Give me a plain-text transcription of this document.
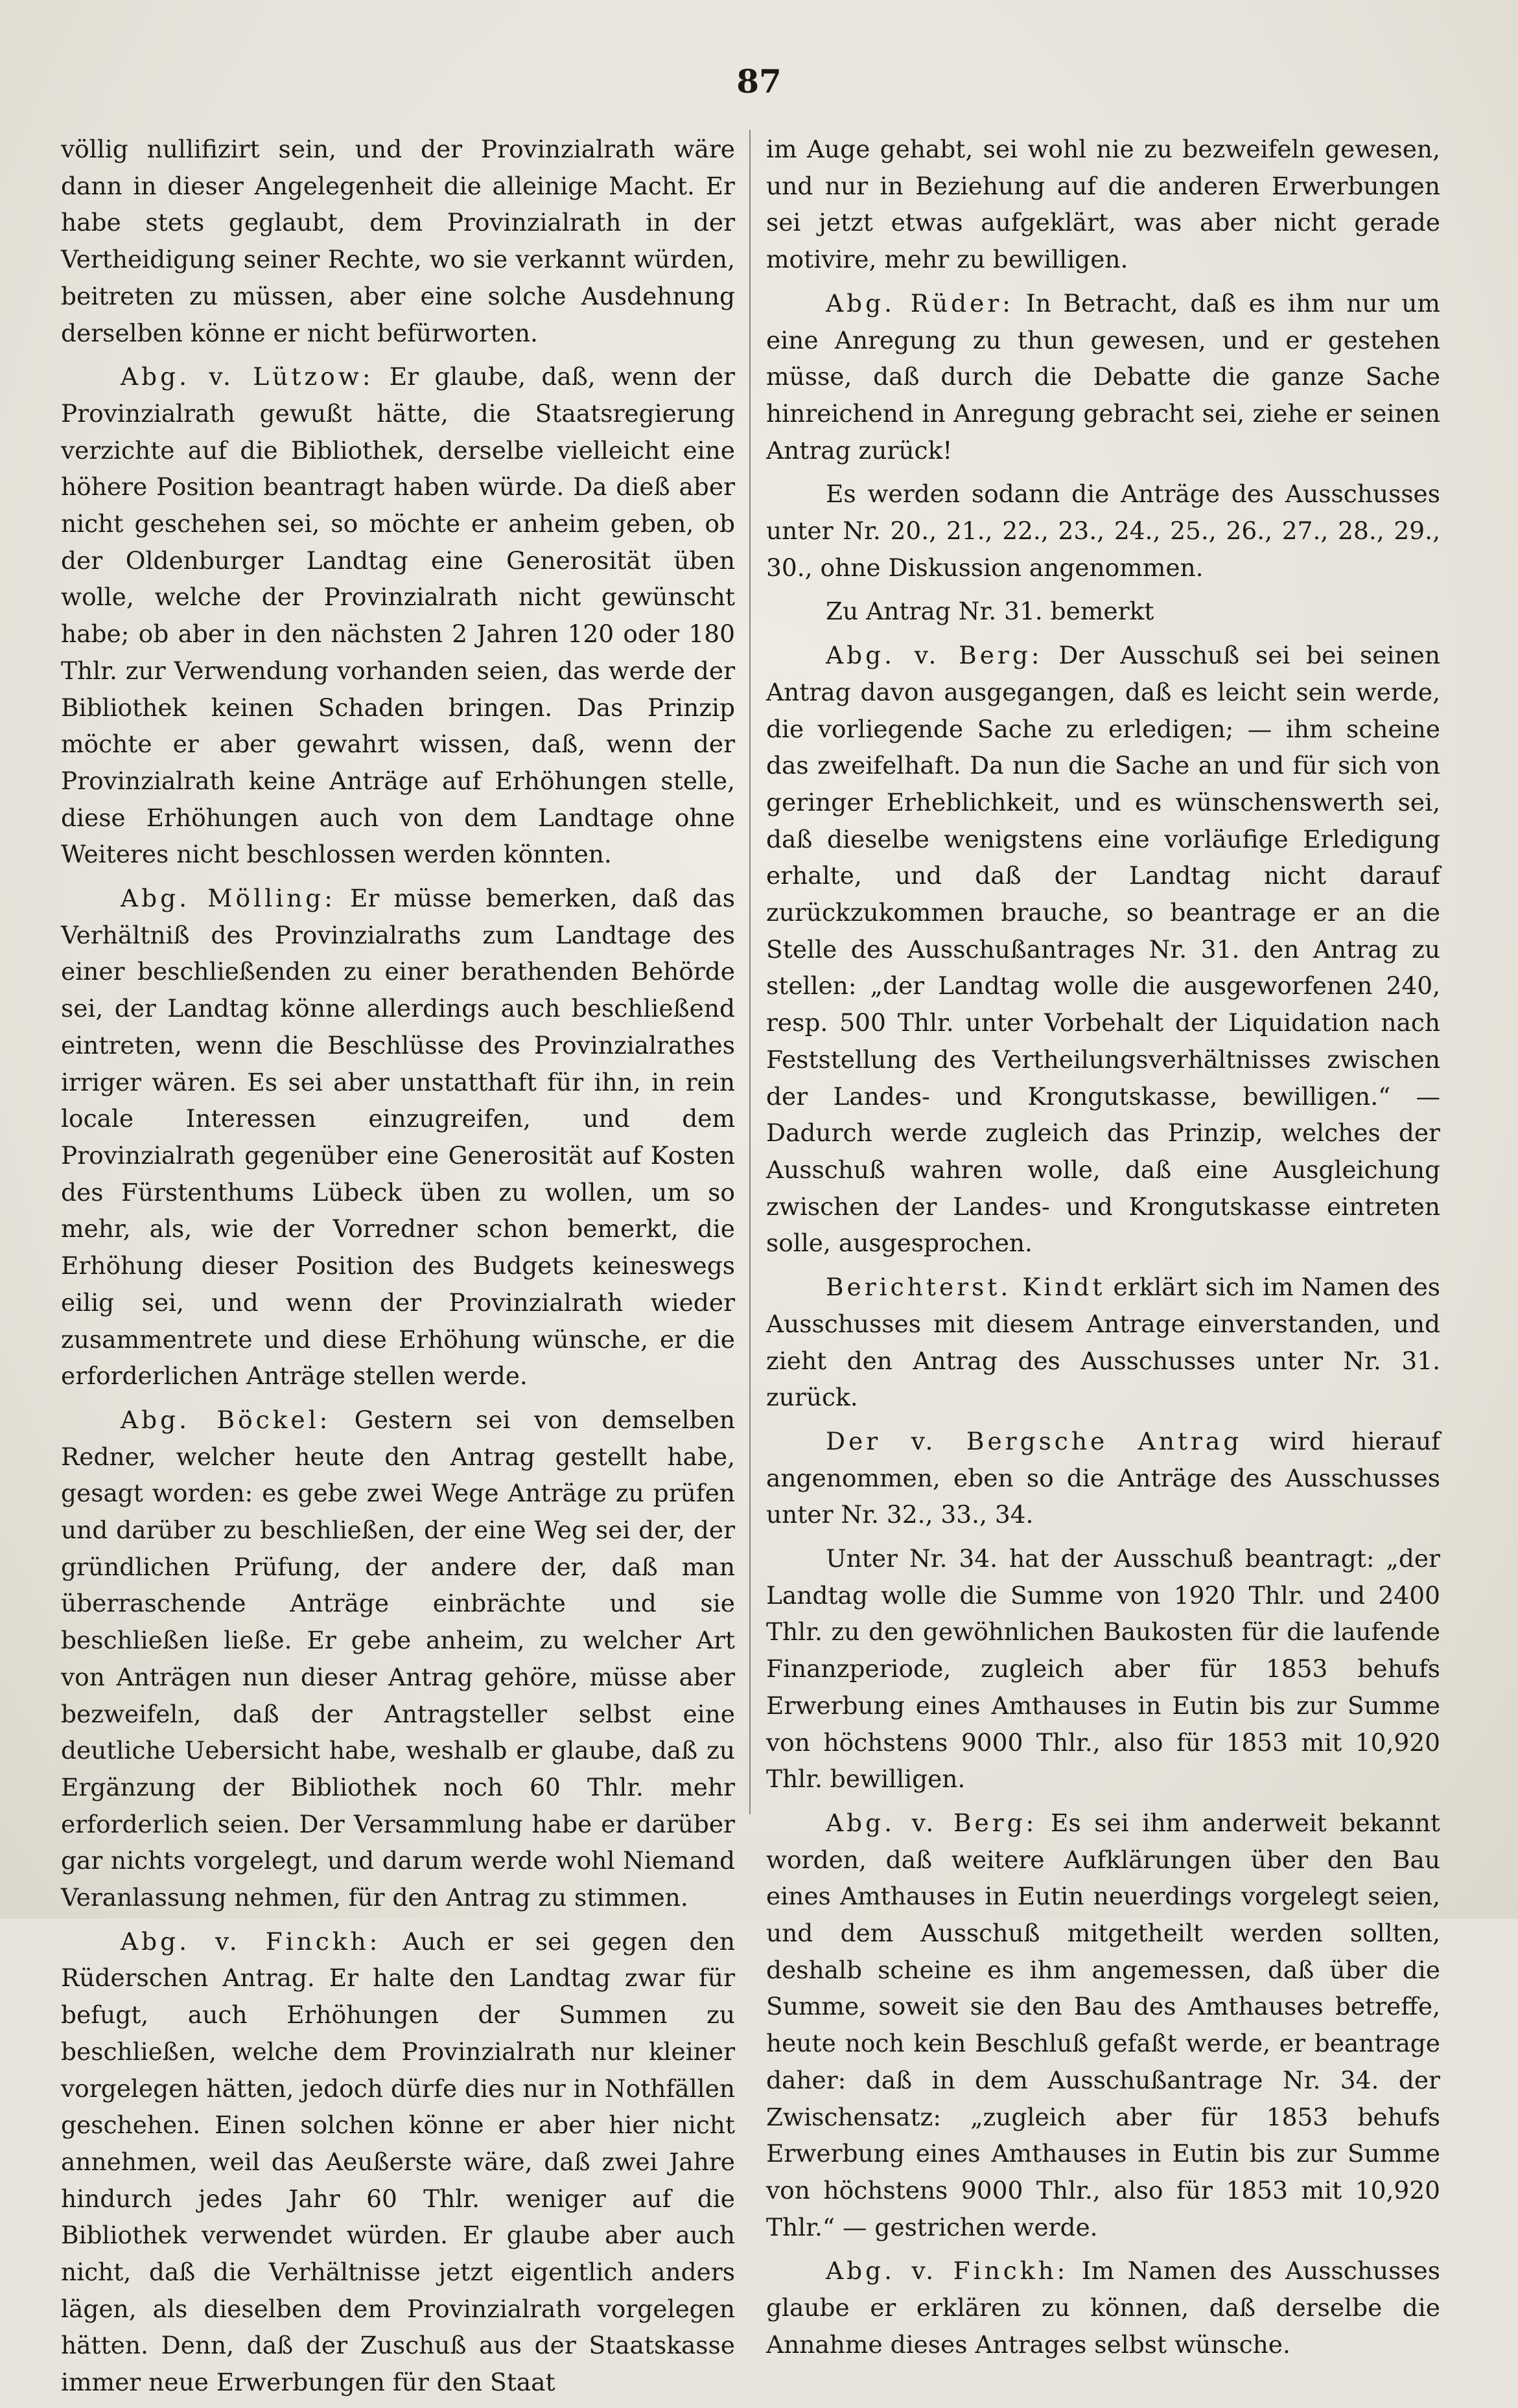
87

völlig nullifizirt sein, und der Provinzialrath wäre dann in dieser Angelegenheit die alleinige Macht. Er habe stets geglaubt, dem Provinzialrath in der Vertheidigung seiner Rechte, wo sie verkannt würden, beitreten zu müssen, aber eine solche Ausdehnung derselben könne er nicht befürworten.

Abg. v. Lützow: Er glaube, daß, wenn der Provinzialrath gewußt hätte, die Staatsregierung verzichte auf die Bibliothek, derselbe vielleicht eine höhere Position beantragt haben würde. Da dieß aber nicht geschehen sei, so möchte er anheim geben, ob der Oldenburger Landtag eine Generosität üben wolle, welche der Provinzialrath nicht gewünscht habe; ob aber in den nächsten 2 Jahren 120 oder 180 Thlr. zur Verwendung vorhanden seien, das werde der Bibliothek keinen Schaden bringen. Das Prinzip möchte er aber gewahrt wissen, daß, wenn der Provinzialrath keine Anträge auf Erhöhungen stelle, diese Erhöhungen auch von dem Landtage ohne Weiteres nicht beschlossen werden könnten.

Abg. Mölling: Er müsse bemerken, daß das Verhältniß des Provinzialraths zum Landtage des einer beschließenden zu einer berathenden Behörde sei, der Landtag könne allerdings auch beschließend eintreten, wenn die Beschlüsse des Provinzialrathes irriger wären. Es sei aber unstatthaft für ihn, in rein locale Interessen einzugreifen, und dem Provinzialrath gegenüber eine Generosität auf Kosten des Fürstenthums Lübeck üben zu wollen, um so mehr, als, wie der Vorredner schon bemerkt, die Erhöhung dieser Position des Budgets keineswegs eilig sei, und wenn der Provinzialrath wieder zusammentrete und diese Erhöhung wünsche, er die erforderlichen Anträge stellen werde.

Abg. Böckel: Gestern sei von demselben Redner, welcher heute den Antrag gestellt habe, gesagt worden: es gebe zwei Wege Anträge zu prüfen und darüber zu beschließen, der eine Weg sei der, der gründlichen Prüfung, der andere der, daß man überraschende Anträge einbrächte und sie beschließen ließe. Er gebe anheim, zu welcher Art von Anträgen nun dieser Antrag gehöre, müsse aber bezweifeln, daß der Antragsteller selbst eine deutliche Uebersicht habe, weshalb er glaube, daß zu Ergänzung der Bibliothek noch 60 Thlr. mehr erforderlich seien. Der Versammlung habe er darüber gar nichts vorgelegt, und darum werde wohl Niemand Veranlassung nehmen, für den Antrag zu stimmen.

Abg. v. Finckh: Auch er sei gegen den Rüderschen Antrag. Er halte den Landtag zwar für befugt, auch Erhöhungen der Summen zu beschließen, welche dem Provinzialrath nur kleiner vorgelegen hätten, jedoch dürfe dies nur in Nothfällen geschehen. Einen solchen könne er aber hier nicht annehmen, weil das Aeußerste wäre, daß zwei Jahre hindurch jedes Jahr 60 Thlr. weniger auf die Bibliothek verwendet würden. Er glaube aber auch nicht, daß die Verhältnisse jetzt eigentlich anders lägen, als dieselben dem Provinzialrath vorgelegen hätten. Denn, daß der Zuschuß aus der Staatskasse immer neue Erwerbungen für den Staat

im Auge gehabt, sei wohl nie zu bezweifeln gewesen, und nur in Beziehung auf die anderen Erwerbungen sei jetzt etwas aufgeklärt, was aber nicht gerade motivire, mehr zu bewilligen.

Abg. Rüder: In Betracht, daß es ihm nur um eine Anregung zu thun gewesen, und er gestehen müsse, daß durch die Debatte die ganze Sache hinreichend in Anregung gebracht sei, ziehe er seinen Antrag zurück!

Es werden sodann die Anträge des Ausschusses unter Nr. 20., 21., 22., 23., 24., 25., 26., 27., 28., 29., 30., ohne Diskussion angenommen.

Zu Antrag Nr. 31. bemerkt

Abg. v. Berg: Der Ausschuß sei bei seinen Antrag davon ausgegangen, daß es leicht sein werde, die vorliegende Sache zu erledigen; — ihm scheine das zweifelhaft. Da nun die Sache an und für sich von geringer Erheblichkeit, und es wünschenswerth sei, daß dieselbe wenigstens eine vorläufige Erledigung erhalte, und daß der Landtag nicht darauf zurückzukommen brauche, so beantrage er an die Stelle des Ausschußantrages Nr. 31. den Antrag zu stellen: „der Landtag wolle die ausgeworfenen 240, resp. 500 Thlr. unter Vorbehalt der Liquidation nach Feststellung des Vertheilungsverhältnisses zwischen der Landes- und Krongutskasse, bewilligen.“ — Dadurch werde zugleich das Prinzip, welches der Ausschuß wahren wolle, daß eine Ausgleichung zwischen der Landes- und Krongutskasse eintreten solle, ausgesprochen.

Berichterst. Kindt erklärt sich im Namen des Ausschusses mit diesem Antrage einverstanden, und zieht den Antrag des Ausschusses unter Nr. 31. zurück.

Der v. Bergsche Antrag wird hierauf angenommen, eben so die Anträge des Ausschusses unter Nr. 32., 33., 34.

Unter Nr. 34. hat der Ausschuß beantragt: „der Landtag wolle die Summe von 1920 Thlr. und 2400 Thlr. zu den gewöhnlichen Baukosten für die laufende Finanzperiode, zugleich aber für 1853 behufs Erwerbung eines Amthauses in Eutin bis zur Summe von höchstens 9000 Thlr., also für 1853 mit 10,920 Thlr. bewilligen.

Abg. v. Berg: Es sei ihm anderweit bekannt worden, daß weitere Aufklärungen über den Bau eines Amthauses in Eutin neuerdings vorgelegt seien, und dem Ausschuß mitgetheilt werden sollten, deshalb scheine es ihm angemessen, daß über die Summe, soweit sie den Bau des Amthauses betreffe, heute noch kein Beschluß gefaßt werde, er beantrage daher: daß in dem Ausschußantrage Nr. 34. der Zwischensatz: „zugleich aber für 1853 behufs Erwerbung eines Amthauses in Eutin bis zur Summe von höchstens 9000 Thlr., also für 1853 mit 10,920 Thlr.“ — gestrichen werde.

Abg. v. Finckh: Im Namen des Ausschusses glaube er erklären zu können, daß derselbe die Annahme dieses Antrages selbst wünsche.
